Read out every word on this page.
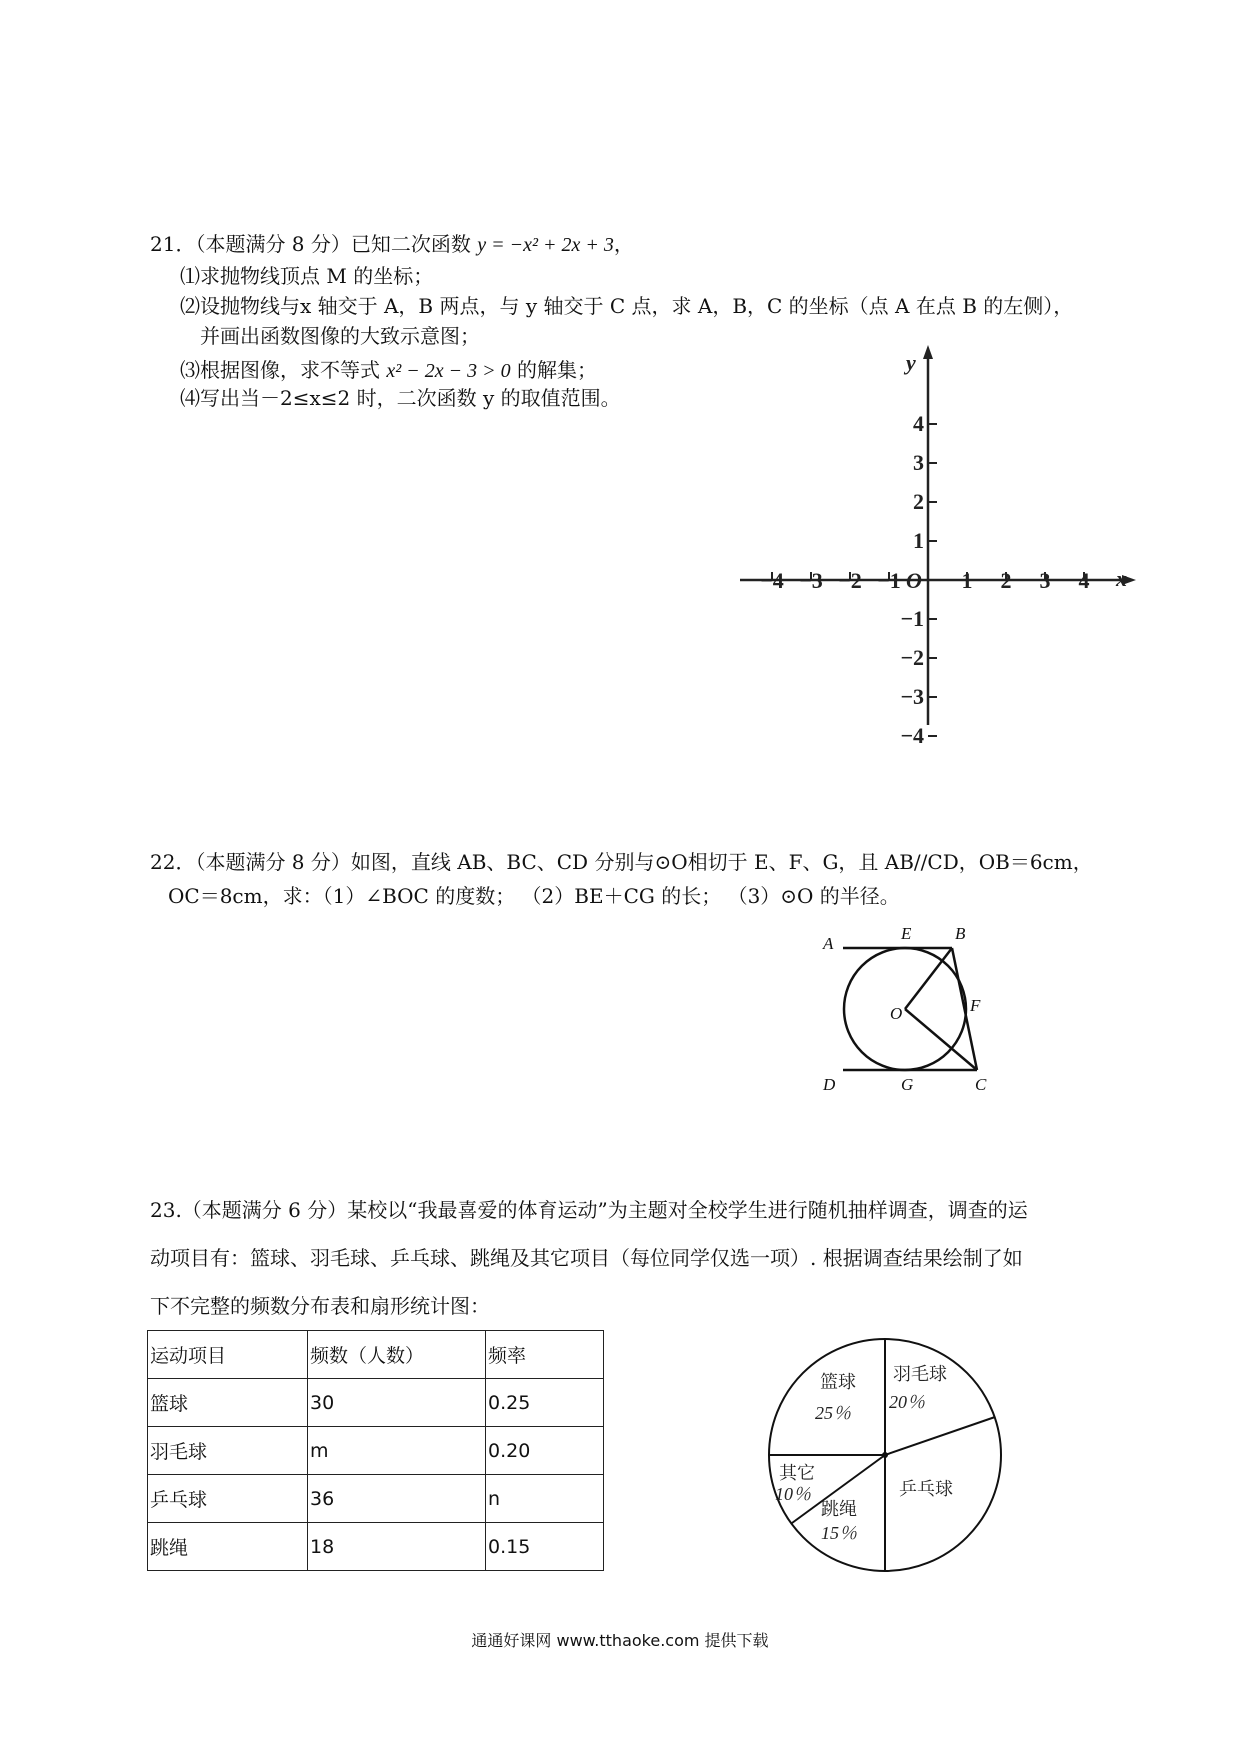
21．（本题满分 8 分）已知二次函数 y = −x² + 2x + 3，
⑴求抛物线顶点 M 的坐标；
⑵设抛物线与x 轴交于 A，B 两点，与 y 轴交于 C 点，求 A，B，C 的坐标（点 A 在点 B 的左侧），
并画出函数图像的大致示意图；
⑶根据图像，求不等式 x² − 2x − 3 > 0 的解集；
⑷写出当－2≤x≤2 时，二次函数 y 的取值范围。
−4 −3 −2 −1	1 2 3 4
4
3
2
1
−1
−2
−3
−4
x
y
O
22．（本题满分 8 分）如图，直线 AB、BC、CD 分别与⊙O相切于 E、F、G，且 AB//CD，OB＝6cm，
OC＝8cm，求：（1）∠BOC 的度数； （2）BE＋CG 的长； （3）⊙O 的半径。
A
E	B
F
O
D	G	C
23.（本题满分 6 分）某校以“我最喜爱的体育运动”为主题对全校学生进行随机抽样调查，调查的运
动项目有：篮球、羽毛球、乒乓球、跳绳及其它项目（每位同学仅选一项）. 根据调查结果绘制了如
下不完整的频数分布表和扇形统计图：
运动项目	频数（人数）	频率
篮球	30	0.25
羽毛球	m	0.20
乒乓球	36	n
跳绳	18	0.15
篮球 羽毛球
其它
跳绳
乒乓球
25％
20％
10％
15％
通通好课网 www.tthaoke.com 提供下载
